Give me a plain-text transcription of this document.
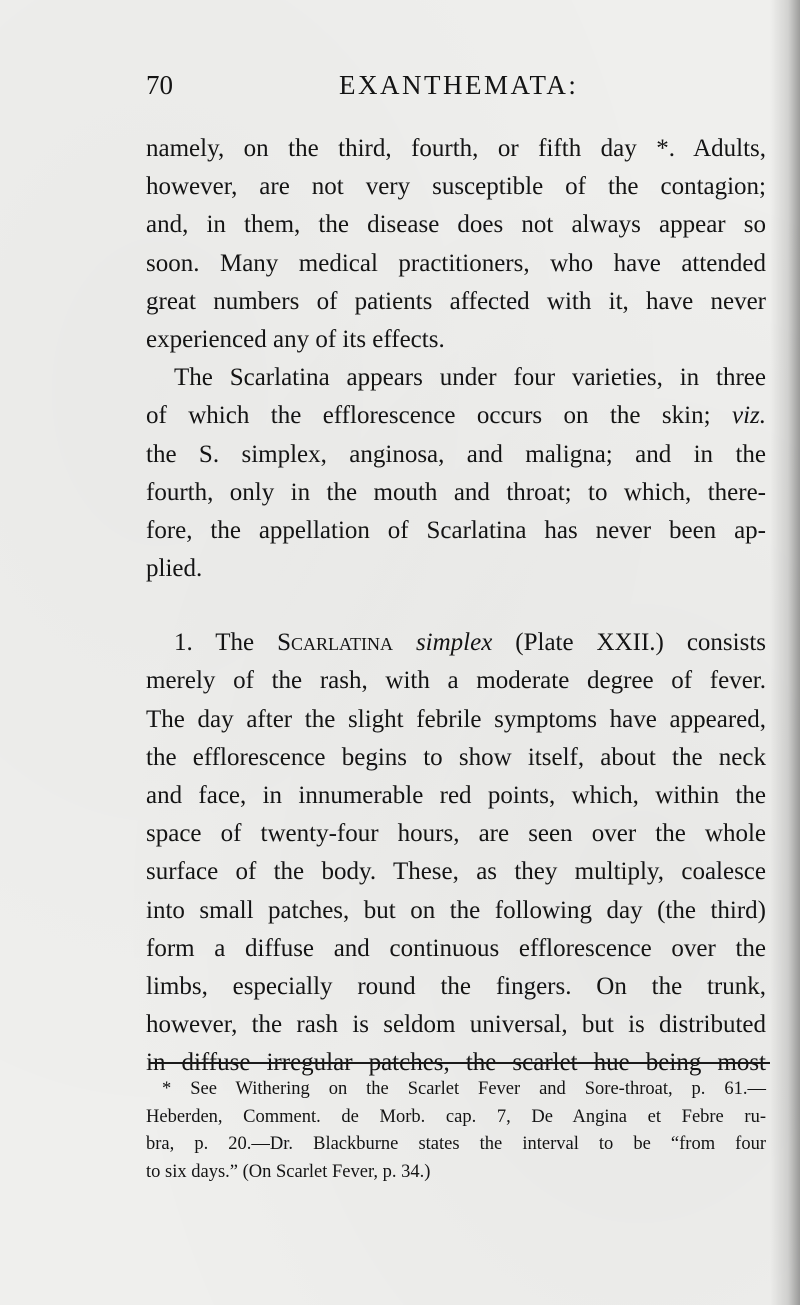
70	EXANTHEMATA:
namely, on the third, fourth, or fifth day *. Adults,
however, are not very susceptible of the contagion;
and, in them, the disease does not always appear so
soon. Many medical practitioners, who have attended
great numbers of patients affected with it, have never
experienced any of its effects.
The Scarlatina appears under four varieties, in three
of which the efflorescence occurs on the skin; viz.
the S. simplex, anginosa, and maligna; and in the
fourth, only in the mouth and throat; to which, there-
fore, the appellation of Scarlatina has never been ap-
plied.
1. The Scarlatina simplex (Plate XXII.) consists
merely of the rash, with a moderate degree of fever.
The day after the slight febrile symptoms have appeared,
the efflorescence begins to show itself, about the neck
and face, in innumerable red points, which, within the
space of twenty-four hours, are seen over the whole
surface of the body. These, as they multiply, coalesce
into small patches, but on the following day (the third)
form a diffuse and continuous efflorescence over the
limbs, especially round the fingers. On the trunk,
however, the rash is seldom universal, but is distributed
in diffuse irregular patches, the scarlet hue being most
* See Withering on the Scarlet Fever and Sore-throat, p. 61.—
Heberden, Comment. de Morb. cap. 7, De Angina et Febre ru-
bra, p. 20.—Dr. Blackburne states the interval to be “from four
to six days.” (On Scarlet Fever, p. 34.)
